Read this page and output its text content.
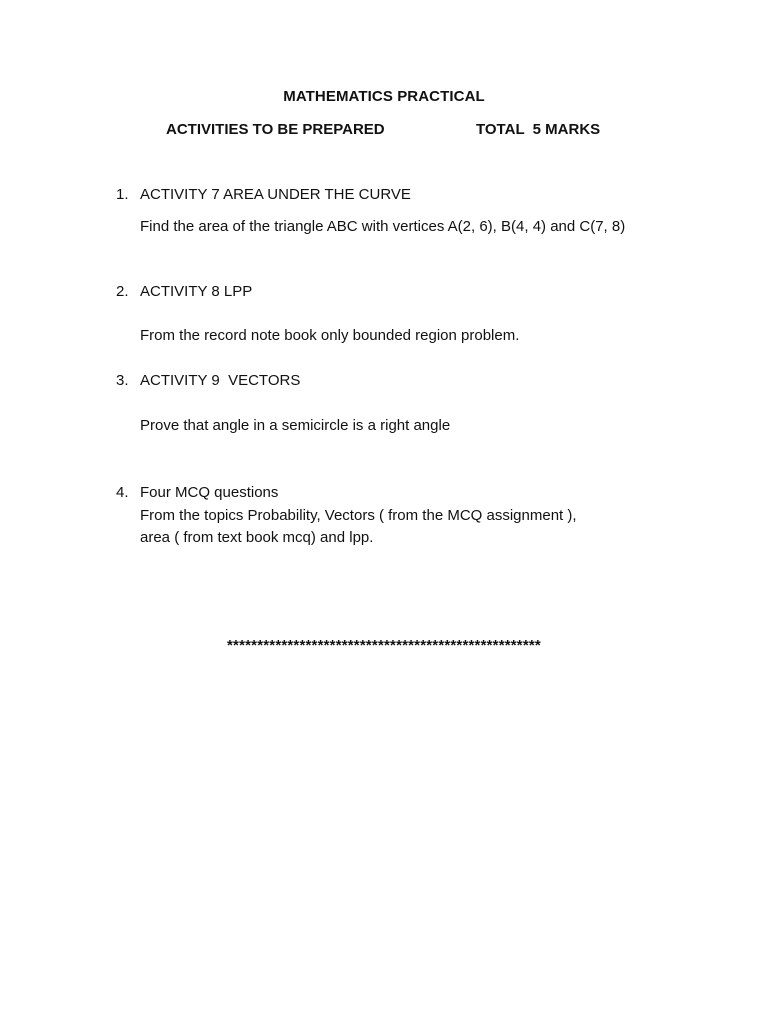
MATHEMATICS PRACTICAL
ACTIVITIES TO BE PREPARED	TOTAL  5 MARKS
1. ACTIVITY 7 AREA UNDER THE CURVE
Find the area of the triangle ABC with vertices A(2, 6), B(4, 4) and C(7, 8)
2. ACTIVITY 8 LPP
From the record note book only bounded region problem.
3. ACTIVITY 9  VECTORS
Prove that angle in a semicircle is a right angle
4. Four MCQ questions
From the topics Probability, Vectors ( from the MCQ assignment ),
area ( from text book mcq) and lpp.
****************************************************
